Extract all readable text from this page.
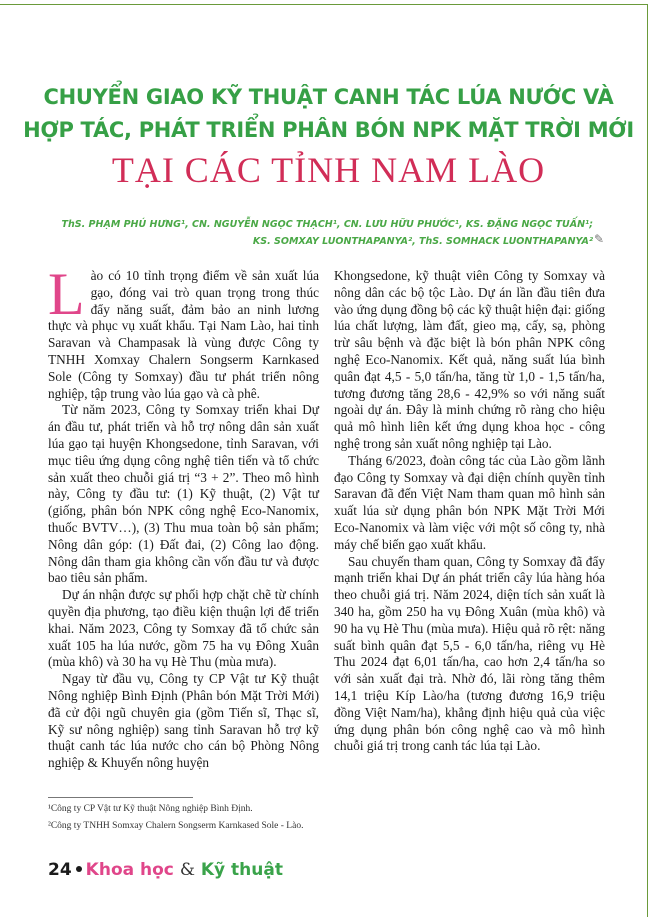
CHUYỂN GIAO KỸ THUẬT CANH TÁC LÚA NƯỚC VÀ
HỢP TÁC, PHÁT TRIỂN PHÂN BÓN NPK MẶT TRỜI MỚI
TẠI CÁC TỈNH NAM LÀO
ThS. PHẠM PHÚ HƯNG¹, CN. NGUYỄN NGỌC THẠCH¹, CN. LƯU HỮU PHƯỚC¹, KS. ĐẶNG NGỌC TUẤN¹;
KS. SOMXAY LUONTHAPANYA², ThS. SOMHACK LUONTHAPANYA² ✎

Lào có 10 tỉnh trọng điểm về sản xuất lúa gạo, đóng vai trò quan trọng trong thúc đẩy năng suất, đảm bảo an ninh lương thực và phục vụ xuất khẩu. Tại Nam Lào, hai tỉnh Saravan và Champasak là vùng được Công ty TNHH Xomxay Chalern Songserm Karnkased Sole (Công ty Somxay) đầu tư phát triển nông nghiệp, tập trung vào lúa gạo và cà phê.

Từ năm 2023, Công ty Somxay triển khai Dự án đầu tư, phát triển và hỗ trợ nông dân sản xuất lúa gạo tại huyện Khongsedone, tỉnh Saravan, với mục tiêu ứng dụng công nghệ tiên tiến và tổ chức sản xuất theo chuỗi giá trị “3 + 2”. Theo mô hình này, Công ty đầu tư: (1) Kỹ thuật, (2) Vật tư (giống, phân bón NPK công nghệ Eco-Nanomix, thuốc BVTV…), (3) Thu mua toàn bộ sản phẩm; Nông dân góp: (1) Đất đai, (2) Công lao động. Nông dân tham gia không cần vốn đầu tư và được bao tiêu sản phẩm.

Dự án nhận được sự phối hợp chặt chẽ từ chính quyền địa phương, tạo điều kiện thuận lợi để triển khai. Năm 2023, Công ty Somxay đã tổ chức sản xuất 105 ha lúa nước, gồm 75 ha vụ Đông Xuân (mùa khô) và 30 ha vụ Hè Thu (mùa mưa).

Ngay từ đầu vụ, Công ty CP Vật tư Kỹ thuật Nông nghiệp Bình Định (Phân bón Mặt Trời Mới) đã cử đội ngũ chuyên gia (gồm Tiến sĩ, Thạc sĩ, Kỹ sư nông nghiệp) sang tỉnh Saravan hỗ trợ kỹ thuật canh tác lúa nước cho cán bộ Phòng Nông nghiệp & Khuyến nông huyện

Khongsedone, kỹ thuật viên Công ty Somxay và nông dân các bộ tộc Lào. Dự án lần đầu tiên đưa vào ứng dụng đồng bộ các kỹ thuật hiện đại: giống lúa chất lượng, làm đất, gieo mạ, cấy, sạ, phòng trừ sâu bệnh và đặc biệt là bón phân NPK công nghệ Eco-Nanomix. Kết quả, năng suất lúa bình quân đạt 4,5 - 5,0 tấn/ha, tăng từ 1,0 - 1,5 tấn/ha, tương đương tăng 28,6 - 42,9% so với năng suất ngoài dự án. Đây là minh chứng rõ ràng cho hiệu quả mô hình liên kết ứng dụng khoa học - công nghệ trong sản xuất nông nghiệp tại Lào.

Tháng 6/2023, đoàn công tác của Lào gồm lãnh đạo Công ty Somxay và đại diện chính quyền tỉnh Saravan đã đến Việt Nam tham quan mô hình sản xuất lúa sử dụng phân bón NPK Mặt Trời Mới Eco-Nanomix và làm việc với một số công ty, nhà máy chế biến gạo xuất khẩu.

Sau chuyến tham quan, Công ty Somxay đã đẩy mạnh triển khai Dự án phát triển cây lúa hàng hóa theo chuỗi giá trị. Năm 2024, diện tích sản xuất là 340 ha, gồm 250 ha vụ Đông Xuân (mùa khô) và 90 ha vụ Hè Thu (mùa mưa). Hiệu quả rõ rệt: năng suất bình quân đạt 5,5 - 6,0 tấn/ha, riêng vụ Hè Thu 2024 đạt 6,01 tấn/ha, cao hơn 2,4 tấn/ha so với sản xuất đại trà. Nhờ đó, lãi ròng tăng thêm 14,1 triệu Kíp Lào/ha (tương đương 16,9 triệu đồng Việt Nam/ha), khẳng định hiệu quả của việc ứng dụng phân bón công nghệ cao và mô hình chuỗi giá trị trong canh tác lúa tại Lào.

¹Công ty CP Vật tư Kỹ thuật Nông nghiệp Bình Định.
²Công ty TNHH Somxay Chalern Songserm Karnkased Sole - Lào.
24 Khoa học & Kỹ thuật
